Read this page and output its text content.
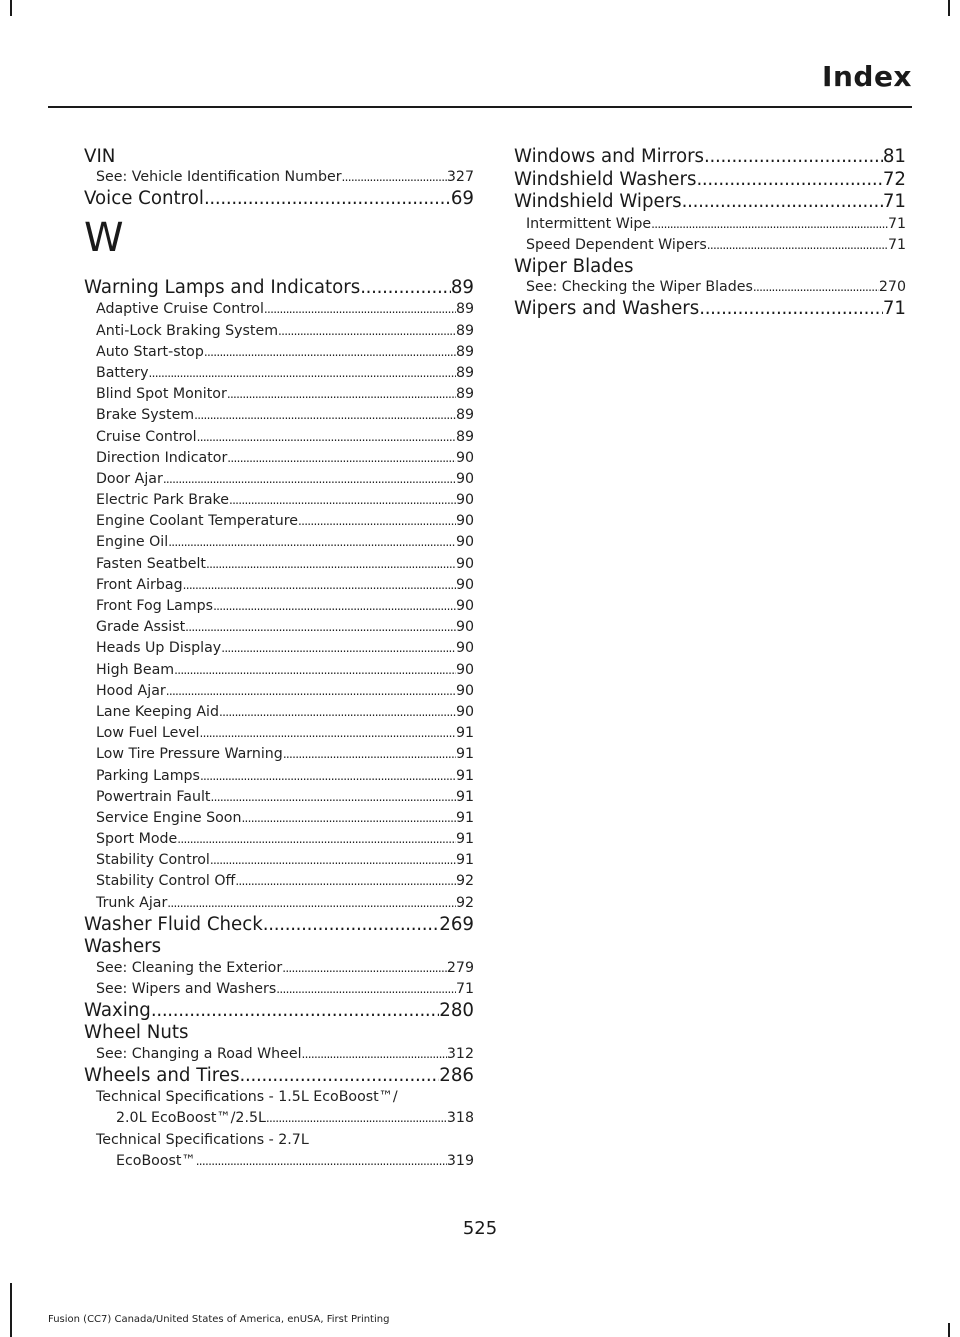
Index
VIN
See: Vehicle Identification Number .....	327
Voice Control .....	69
W
Warning Lamps and Indicators .....	89
Adaptive Cruise Control .....	89
Anti-Lock Braking System .....	89
Auto Start-stop .....	89
Battery .....	89
Blind Spot Monitor .....	89
Brake System .....	89
Cruise Control .....	89
Direction Indicator .....	90
Door Ajar .....	90
Electric Park Brake .....	90
Engine Coolant Temperature .....	90
Engine Oil .....	90
Fasten Seatbelt .....	90
Front Airbag .....	90
Front Fog Lamps .....	90
Grade Assist .....	90
Heads Up Display .....	90
High Beam .....	90
Hood Ajar .....	90
Lane Keeping Aid .....	90
Low Fuel Level .....	91
Low Tire Pressure Warning .....	91
Parking Lamps .....	91
Powertrain Fault .....	91
Service Engine Soon .....	91
Sport Mode .....	91
Stability Control .....	91
Stability Control Off .....	92
Trunk Ajar .....	92
Washer Fluid Check .....	269
Washers
See: Cleaning the Exterior .....	279
See: Wipers and Washers .....	71
Waxing .....	280
Wheel Nuts
See: Changing a Road Wheel .....	312
Wheels and Tires .....	286
Technical Specifications - 1.5L EcoBoost™/
2.0L EcoBoost™/2.5L .....	318
Technical Specifications - 2.7L
EcoBoost™ .....	319
Windows and Mirrors .....	81
Windshield Washers .....	72
Windshield Wipers .....	71
Intermittent Wipe .....	71
Speed Dependent Wipers .....	71
Wiper Blades
See: Checking the Wiper Blades .....	270
Wipers and Washers .....	71
525
Fusion (CC7) Canada/United States of America, enUSA, First Printing
